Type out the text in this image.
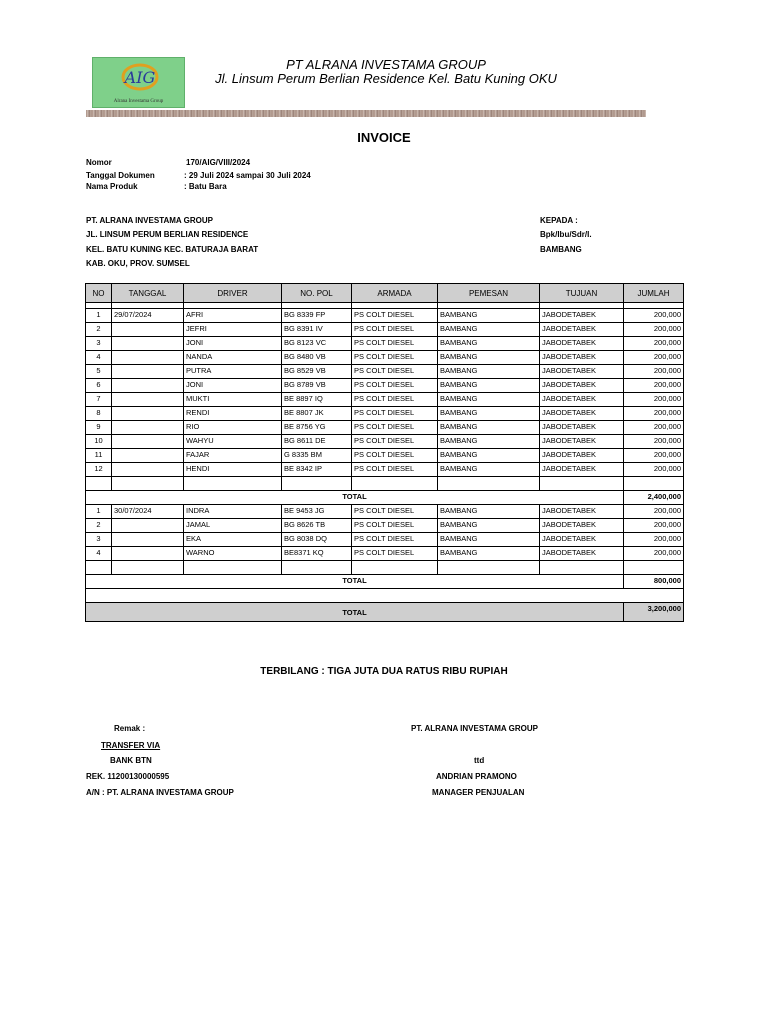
AIG
Alrana Investama Group
PT ALRANA INVESTAMA GROUP
Jl. Linsum Perum Berlian Residence Kel. Batu Kuning OKU
INVOICE
Nomor	170/AIG/VIII/2024
Tanggal Dokumen	: 29 Juli 2024 sampai 30 Juli 2024
Nama Produk	: Batu Bara
PT. ALRANA INVESTAMA GROUP
JL. LINSUM PERUM BERLIAN RESIDENCE
KEL. BATU KUNING KEC. BATURAJA BARAT
KAB. OKU, PROV. SUMSEL
KEPADA :
Bpk/Ibu/Sdr/I.
BAMBANG
NO	TANGGAL	DRIVER	NO. POL	ARMADA	PEMESAN	TUJUAN	JUMLAH

1	29/07/2024	AFRI	BG 8339 FP	PS COLT DIESEL	BAMBANG	JABODETABEK	200,000
2		JEFRI	BG 8391 IV	PS COLT DIESEL	BAMBANG	JABODETABEK	200,000
3		JONI	BG 8123 VC	PS COLT DIESEL	BAMBANG	JABODETABEK	200,000
4		NANDA	BG 8480 VB	PS COLT DIESEL	BAMBANG	JABODETABEK	200,000
5		PUTRA	BG 8529 VB	PS COLT DIESEL	BAMBANG	JABODETABEK	200,000
6		JONI	BG 8789 VB	PS COLT DIESEL	BAMBANG	JABODETABEK	200,000
7		MUKTI	BE 8897 IQ	PS COLT DIESEL	BAMBANG	JABODETABEK	200,000
8		RENDI	BE 8807 JK	PS COLT DIESEL	BAMBANG	JABODETABEK	200,000
9		RIO	BE 8756 YG	PS COLT DIESEL	BAMBANG	JABODETABEK	200,000
10		WAHYU	BG 8611 DE	PS COLT DIESEL	BAMBANG	JABODETABEK	200,000
11		FAJAR	G 8335 BM	PS COLT DIESEL	BAMBANG	JABODETABEK	200,000
12		HENDI	BE 8342 IP	PS COLT DIESEL	BAMBANG	JABODETABEK	200,000

TOTAL							2,400,000
1	30/07/2024	INDRA	BE 9453 JG	PS COLT DIESEL	BAMBANG	JABODETABEK	200,000
2		JAMAL	BG 8626 TB	PS COLT DIESEL	BAMBANG	JABODETABEK	200,000
3		EKA	BG 8038 DQ	PS COLT DIESEL	BAMBANG	JABODETABEK	200,000
4		WARNO	BE8371 KQ	PS COLT DIESEL	BAMBANG	JABODETABEK	200,000

TOTAL							800,000

TOTAL							3,200,000
TERBILANG : TIGA JUTA DUA RATUS RIBU RUPIAH
Remak :
TRANSFER VIA
BANK BTN
REK. 11200130000595
A/N : PT. ALRANA INVESTAMA GROUP
PT. ALRANA INVESTAMA GROUP
ttd
ANDRIAN PRAMONO
MANAGER PENJUALAN
